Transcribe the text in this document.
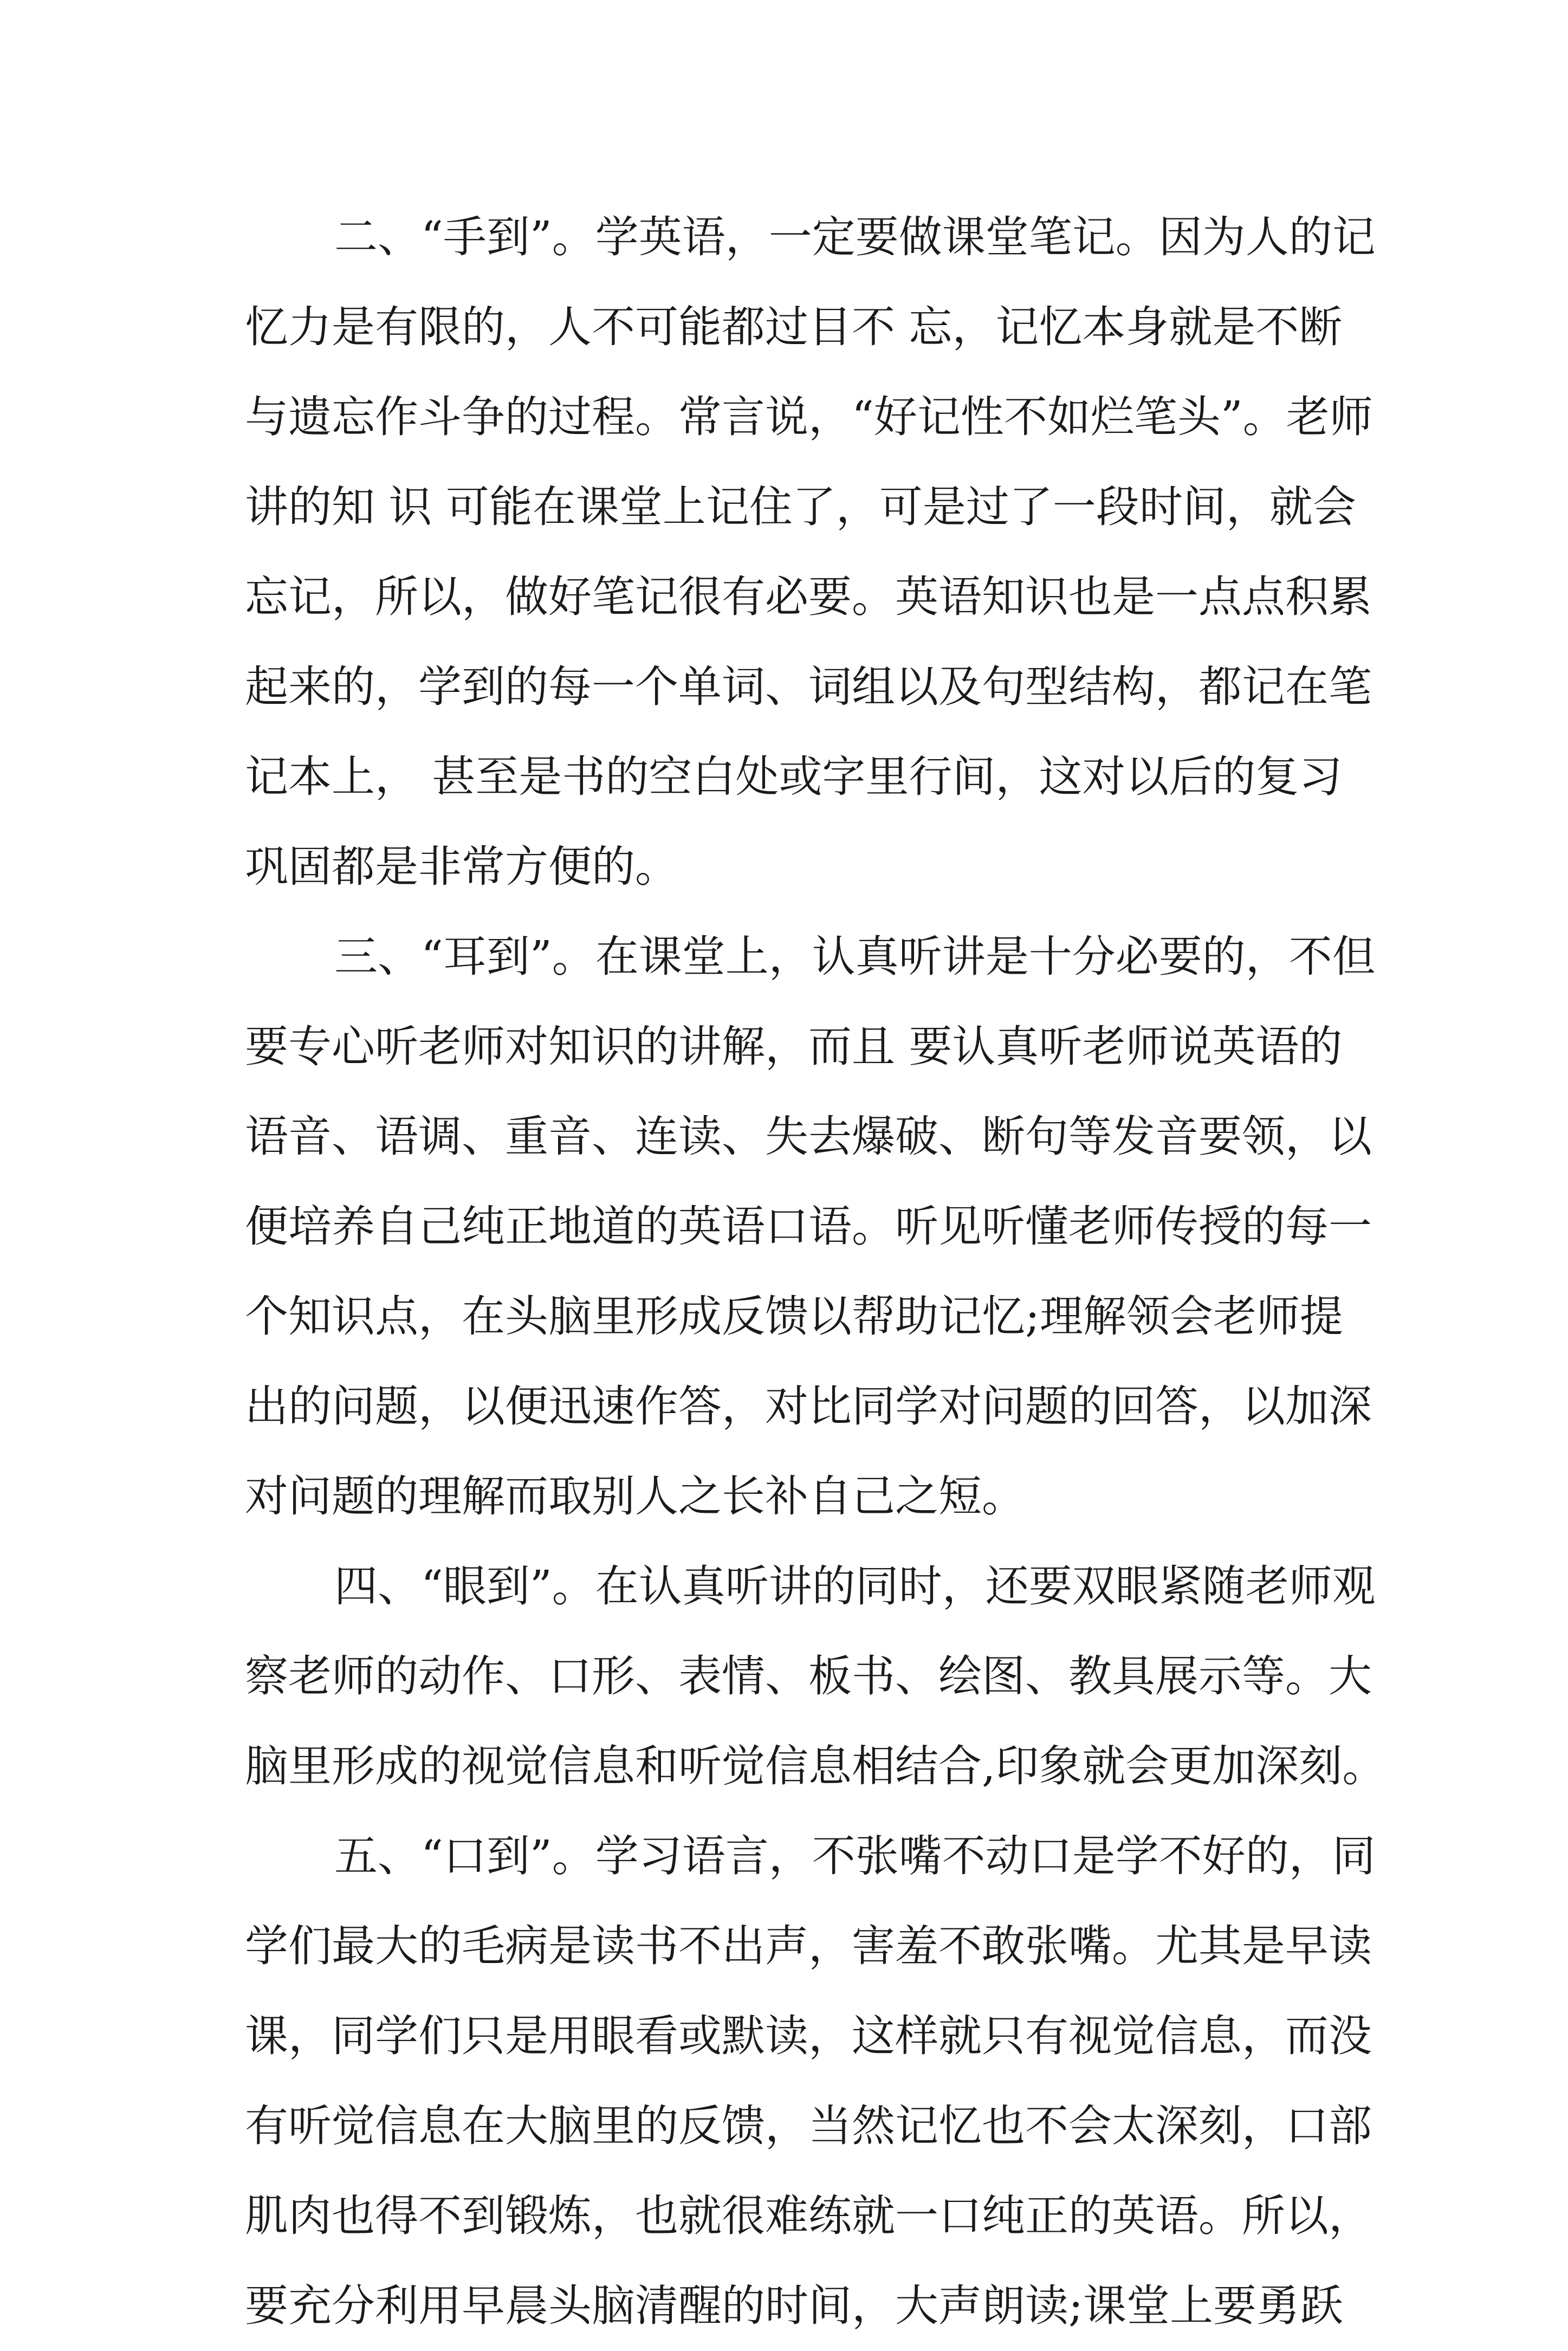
二、“手到”。学英语，一定要做课堂笔记。因为人的记
忆力是有限的，人不可能都过目不 忘，记忆本身就是不断
与遗忘作斗争的过程。常言说，“好记性不如烂笔头”。老师
讲的知 识 可能在课堂上记住了，可是过了一段时间，就会
忘记，所以，做好笔记很有必要。英语知识也是一点点积累
起来的，学到的每一个单词、词组以及句型结构，都记在笔
记本上， 甚至是书的空白处或字里行间，这对以后的复习
巩固都是非常方便的。
三、“耳到”。在课堂上，认真听讲是十分必要的，不但
要专心听老师对知识的讲解，而且 要认真听老师说英语的
语音、语调、重音、连读、失去爆破、断句等发音要领，以
便培养自己纯正地道的英语口语。听见听懂老师传授的每一
个知识点，在头脑里形成反馈以帮助记忆;理解领会老师提
出的问题，以便迅速作答，对比同学对问题的回答，以加深
对问题的理解而取别人之长补自己之短。
四、“眼到”。在认真听讲的同时，还要双眼紧随老师观
察老师的动作、口形、表情、板书、绘图、教具展示等。大
脑里形成的视觉信息和听觉信息相结合,印象就会更加深刻。
五、“口到”。学习语言，不张嘴不动口是学不好的，同
学们最大的毛病是读书不出声，害羞不敢张嘴。尤其是早读
课，同学们只是用眼看或默读，这样就只有视觉信息，而没
有听觉信息在大脑里的反馈，当然记忆也不会太深刻，口部
肌肉也得不到锻炼，也就很难练就一口纯正的英语。所以，
要充分利用早晨头脑清醒的时间，大声朗读;课堂上要勇跃
